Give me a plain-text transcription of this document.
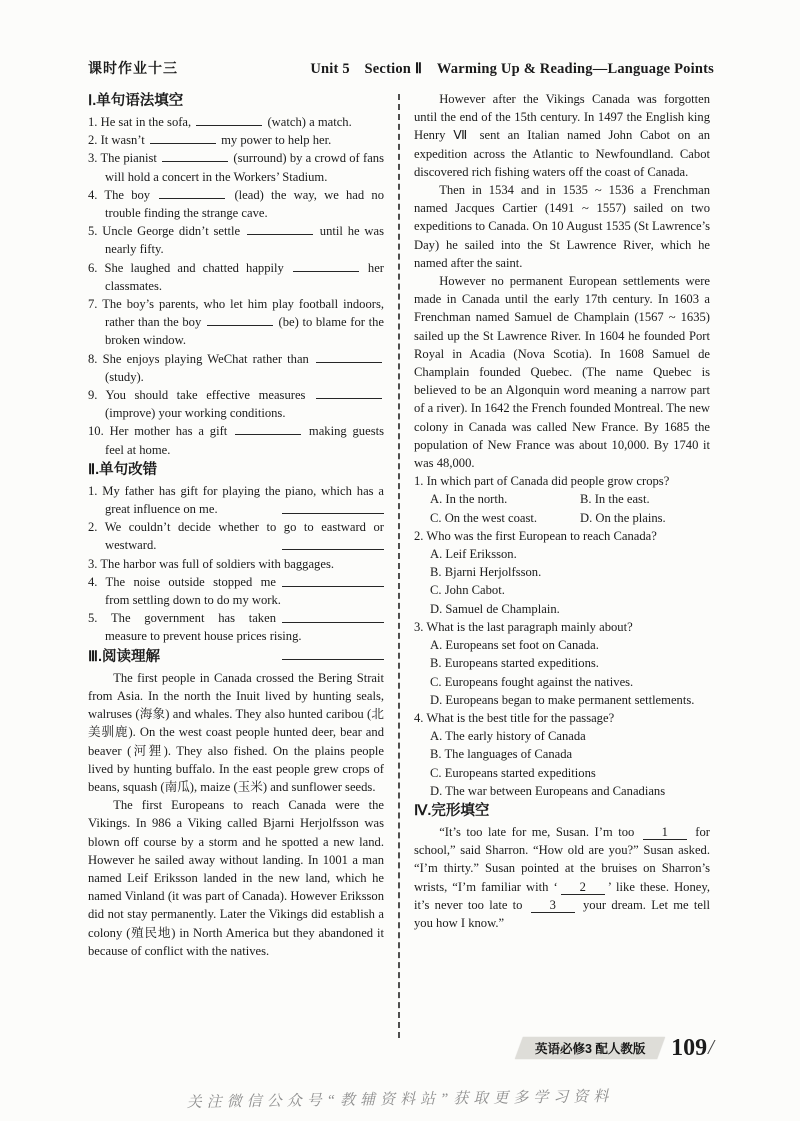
课时作业十三	Unit 5　Section Ⅱ　Warming Up & Reading—Language Points

Ⅰ.单句语法填空

1. He sat in the sofa,	(watch) a match.

2. It wasn’t	my power to help her.

3. The pianist	(surround) by a crowd of fans will hold a concert in the Workers’ Stadium.

4. The boy	(lead) the way, we had no trouble finding the strange cave.

5. Uncle George didn’t settle	until he was nearly fifty.

6. She laughed and chatted happily	her classmates.

7. The boy’s parents, who let him play football indoors, rather than the boy	(be) to blame for the broken window.

8. She enjoys playing WeChat rather than  (study).

9. You should take effective measures  (improve) your working conditions.

10. Her mother has a gift	making guests feel at home.

Ⅱ.单句改错

1. My father has gift for playing the piano, which has a great influence on me.

2. We couldn’t decide whether to go to eastward or westward.

3. The harbor was full of soldiers with baggages.

4. The noise outside stopped me from settling down to do my work.

5. The government has taken measure to prevent house prices rising.

Ⅲ.阅读理解

The first people in Canada crossed the Bering Strait from Asia. In the north the Inuit lived by hunting seals, walruses (海象) and whales. They also hunted caribou (北美驯鹿). On the west coast people hunted deer, bear and beaver (河狸). They also fished. On the plains people lived by hunting buffalo. In the east people grew crops of beans, squash (南瓜), maize (玉米) and sunflower seeds.

The first Europeans to reach Canada were the Vikings. In 986 a Viking called Bjarni Herjolfsson was blown off course by a storm and he spotted a new land. However he sailed away without landing. In 1001 a man named Leif Eriksson landed in the new land, which he named Vinland (it was part of Canada). However Eriksson did not stay permanently. Later the Vikings did establish a colony (殖民地) in North America but they abandoned it because of conflict with the natives.

However after the Vikings Canada was forgotten until the end of the 15th century. In 1497 the English king Henry Ⅶ sent an Italian named John Cabot on an expedition across the Atlantic to Newfoundland. Cabot discovered rich fishing waters off the coast of Canada.

Then in 1534 and in 1535 ~ 1536 a Frenchman named Jacques Cartier (1491 ~ 1557) sailed on two expeditions to Canada. On 10 August 1535 (St Lawrence’s Day) he sailed into the St Lawrence River, which he named after the saint.

However no permanent European settlements were made in Canada until the early 17th century. In 1603 a Frenchman named Samuel de Champlain (1567 ~ 1635) sailed up the St Lawrence River. In 1604 he founded Port Royal in Acadia (Nova Scotia). In 1608 Samuel de Champlain founded Quebec. (The name Quebec is believed to be an Algonquin word meaning a narrow part of a river). In 1642 the French founded Montreal. The new colony in Canada was called New France. By 1685 the population of New France was about 10,000. By 1740 it was 48,000.

1. In which part of Canada did people grow crops?

A. In the north.	B. In the east.
C. On the west coast.	D. On the plains.

2. Who was the first European to reach Canada?

A. Leif Eriksson.

B. Bjarni Herjolfsson.

C. John Cabot.

D. Samuel de Champlain.

3. What is the last paragraph mainly about?

A. Europeans set foot on Canada.

B. Europeans started expeditions.

C. Europeans fought against the natives.

D. Europeans began to make permanent settlements.

4. What is the best title for the passage?

A. The early history of Canada

B. The languages of Canada

C. Europeans started expeditions

D. The war between Europeans and Canadians

Ⅳ.完形填空

“It’s too late for me, Susan. I’m too 1 for school,” said Sharron. “How old are you?” Susan asked. “I’m thirty.” Susan pointed at the bruises on Sharron’s wrists, “I’m familiar with ‘ 2 ’ like these. Honey, it’s never too late to 3 your dream. Let me tell you how I know.”

英语必修3 配人教版 109 /
关注微信公众号“教辅资料站”获取更多学习资料
